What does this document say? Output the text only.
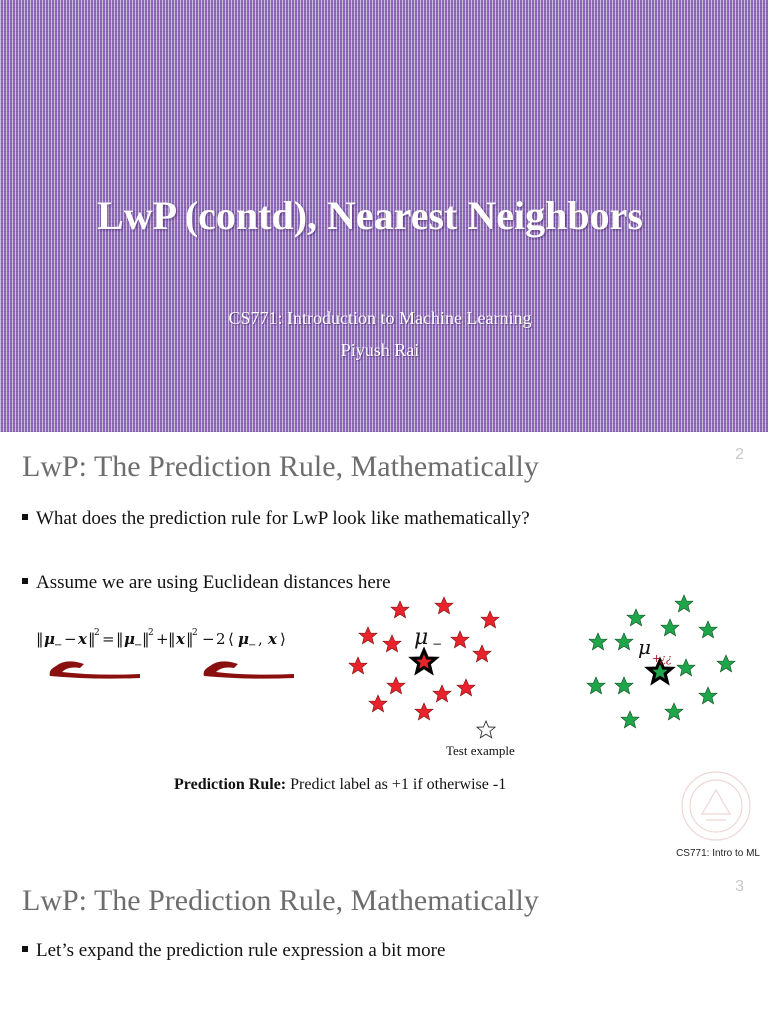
LwP (contd), Nearest Neighbors
CS771: Introduction to Machine Learning
Piyush Rai
LwP: The Prediction Rule, Mathematically	2
What does the prediction rule for LwP look like mathematically?
Assume we are using Euclidean distances here
‖ μ − − x ‖
2 = ‖ μ − ‖
2 + ‖ x ‖
2 − 2 ⟨ μ − , x ⟩	μ −
Test example
μ +
¿¿
Prediction Rule: Predict label as +1 if otherwise -1
CS771: Intro to ML
LwP: The Prediction Rule, Mathematically	3
Let’s expand the prediction rule expression a bit more
